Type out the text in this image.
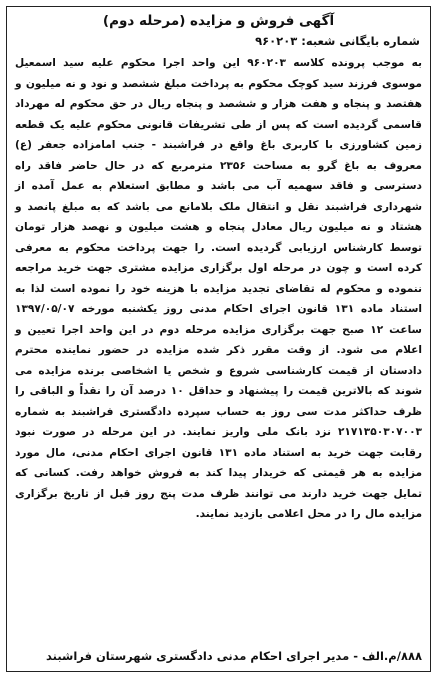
آگهی فروش و مزایده (مرحله دوم)
شماره بایگانی شعبه: ۹۶۰۲۰۳
به موجب پرونده کلاسه ۹۶۰۲۰۳ این واحد اجرا محکوم علیه سید اسمعیل موسوی فرزند سید کوچک محکوم به پرداخت مبلغ ششصد و نود و نه میلیون و هفتصد و پنجاه و هفت هزار و ششصد و پنجاه ریال در حق محکوم له مهرداد قاسمی گردیده است که پس از طی تشریفات قانونی محکوم علیه یک قطعه زمین کشاورزی با کاربری باغ واقع در فراشبند - جنب امامزاده جعفر (ع) معروف به باغ گرو به مساحت ۲۳۵۶ مترمربع که در حال حاضر فاقد راه دسترسی و فاقد سهمیه آب می باشد و مطابق استعلام به عمل آمده از شهرداری فراشبند نقل و انتقال ملک بلامانع می باشد که به مبلغ پانصد و هشتاد و نه میلیون ریال معادل پنجاه و هشت میلیون و نهصد هزار تومان توسط کارشناس ارزیابی گردیده است. را جهت پرداخت محکوم به معرفی کرده است و چون در مرحله اول برگزاری مزایده مشتری جهت خرید مراجعه ننموده و محکوم له تقاضای تجدید مزایده با هزینه خود را نموده است لذا به استناد ماده ۱۳۱ قانون اجرای احکام مدنی روز یکشنبه مورخه ۱۳۹۷/۰۵/۰۷ ساعت ۱۲ صبح جهت برگزاری مزایده مرحله دوم در این واحد اجرا تعیین و اعلام می شود. از وقت مقرر ذکر شده مزایده در حضور نماینده محترم دادستان از قیمت کارشناسی شروع و شخص یا اشخاصی برنده مزایده می شوند که بالاترین قیمت را پیشنهاد و حداقل ۱۰ درصد آن را نقداً و الباقی را ظرف حداکثر مدت سی روز به حساب سپرده دادگستری فراشبند به شماره ۲۱۷۱۳۵۰۳۰۷۰۰۳ نزد بانک ملی واریز نمایند. در این مرحله در صورت نبود رقابت جهت خرید به استناد ماده ۱۳۱ قانون اجرای احکام مدنی، مال مورد مزایده به هر قیمتی که خریدار پیدا کند به فروش خواهد رفت. کسانی که تمایل جهت خرید دارند می توانند ظرف مدت پنج روز قبل از تاریخ برگزاری مزایده مال را در محل اعلامی بازدید نمایند.
۸۸۸/م.الف - مدیر اجرای احکام مدنی دادگستری شهرستان فراشبند
